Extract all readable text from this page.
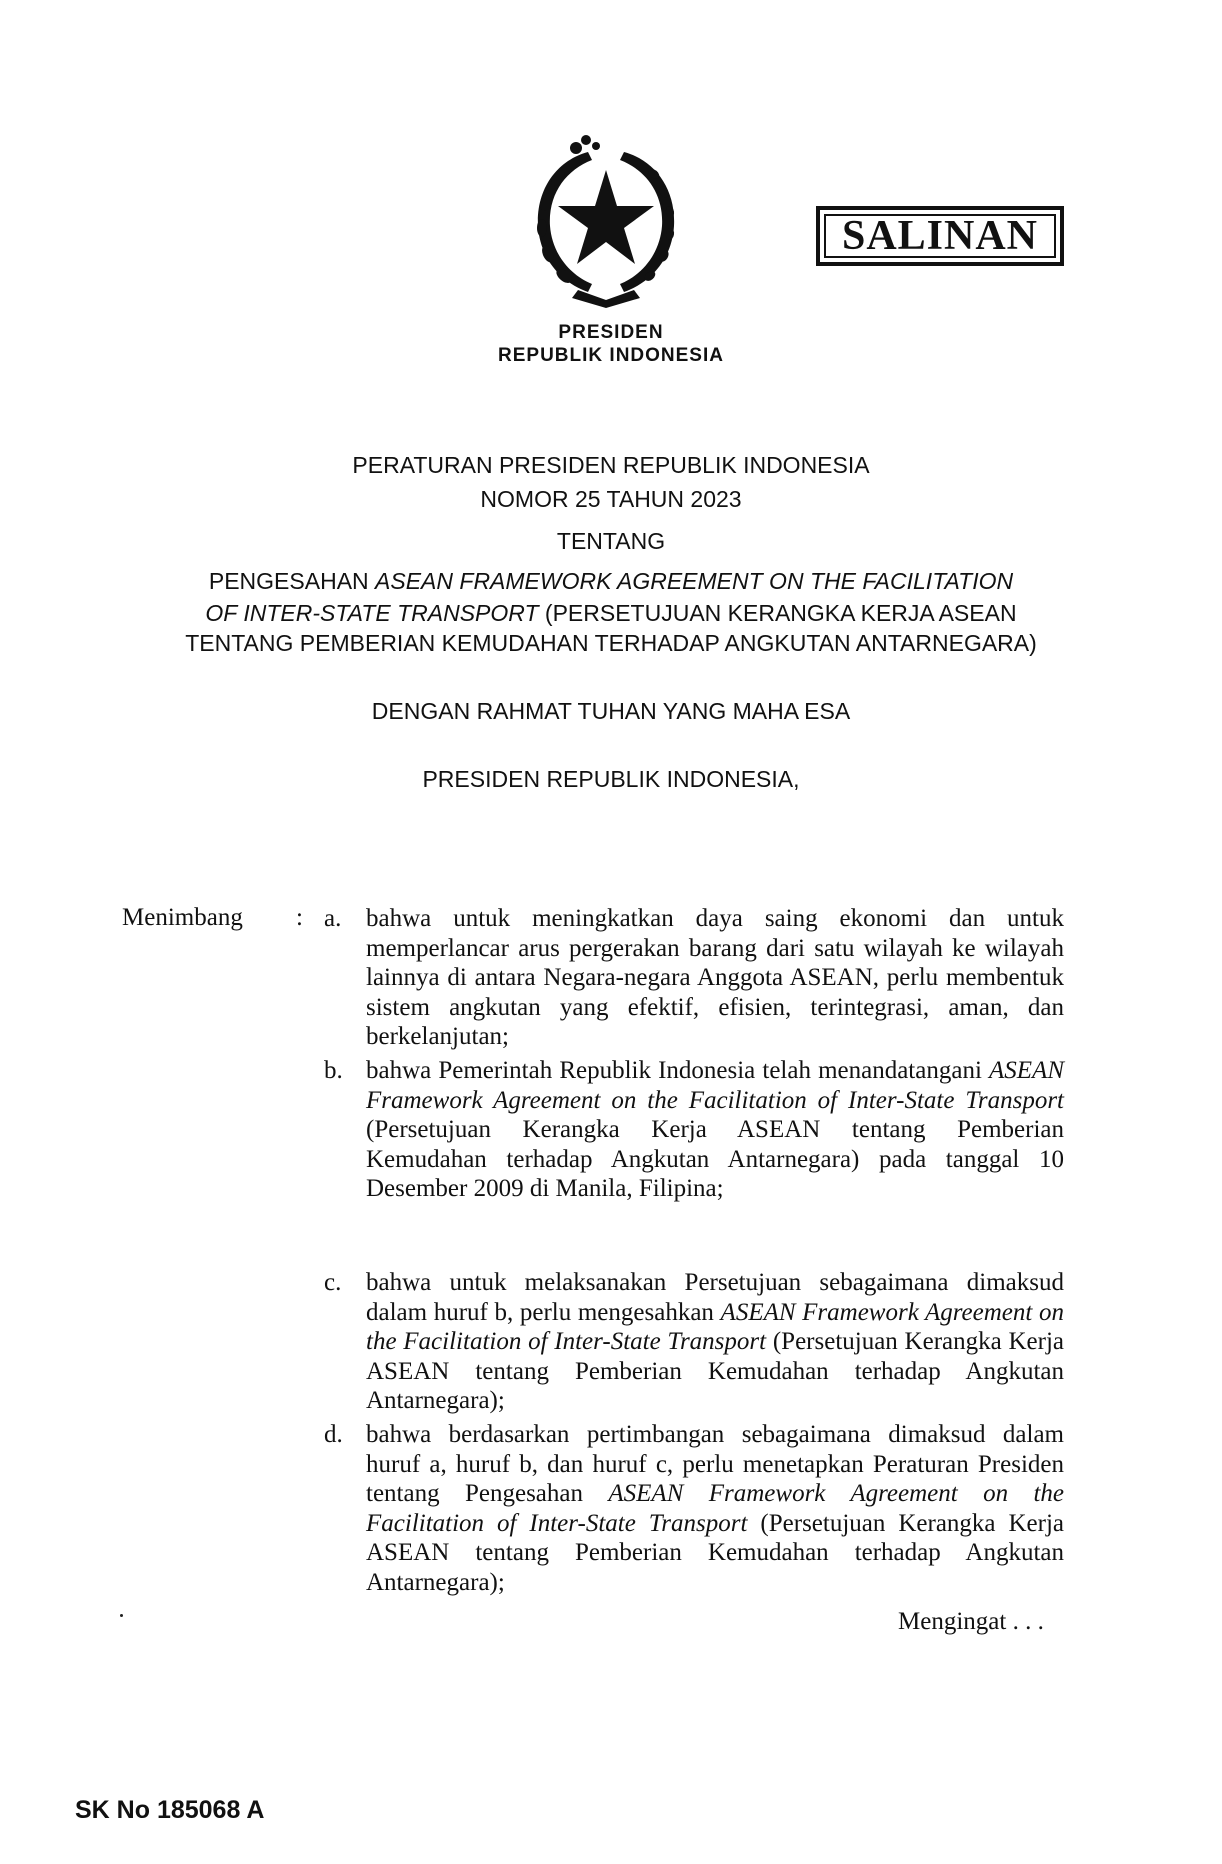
PRESIDEN
REPUBLIK INDONESIA
SALINAN
PERATURAN PRESIDEN REPUBLIK INDONESIA
NOMOR 25 TAHUN 2023
TENTANG
PENGESAHAN ASEAN FRAMEWORK AGREEMENT ON THE FACILITATION
OF INTER-STATE TRANSPORT (PERSETUJUAN KERANGKA KERJA ASEAN
TENTANG PEMBERIAN KEMUDAHAN TERHADAP ANGKUTAN ANTARNEGARA)
DENGAN RAHMAT TUHAN YANG MAHA ESA
PRESIDEN REPUBLIK INDONESIA,
Menimbang : a. bahwa untuk meningkatkan daya saing ekonomi dan untuk memperlancar arus pergerakan barang dari satu wilayah ke wilayah lainnya di antara Negara-negara Anggota ASEAN, perlu membentuk sistem angkutan yang efektif, efisien, terintegrasi, aman, dan berkelanjutan;
b. bahwa Pemerintah Republik Indonesia telah menandatangani ASEAN Framework Agreement on the Facilitation of Inter-State Transport (Persetujuan Kerangka Kerja ASEAN tentang Pemberian Kemudahan terhadap Angkutan Antarnegara) pada tanggal 10 Desember 2009 di Manila, Filipina;
c. bahwa untuk melaksanakan Persetujuan sebagaimana dimaksud dalam huruf b, perlu mengesahkan ASEAN Framework Agreement on the Facilitation of Inter-State Transport (Persetujuan Kerangka Kerja ASEAN tentang Pemberian Kemudahan terhadap Angkutan Antarnegara);
d. bahwa berdasarkan pertimbangan sebagaimana dimaksud dalam huruf a, huruf b, dan huruf c, perlu menetapkan Peraturan Presiden tentang Pengesahan ASEAN Framework Agreement on the Facilitation of Inter-State Transport (Persetujuan Kerangka Kerja ASEAN tentang Pemberian Kemudahan terhadap Angkutan Antarnegara);
Mengingat . . .
SK No 185068 A
